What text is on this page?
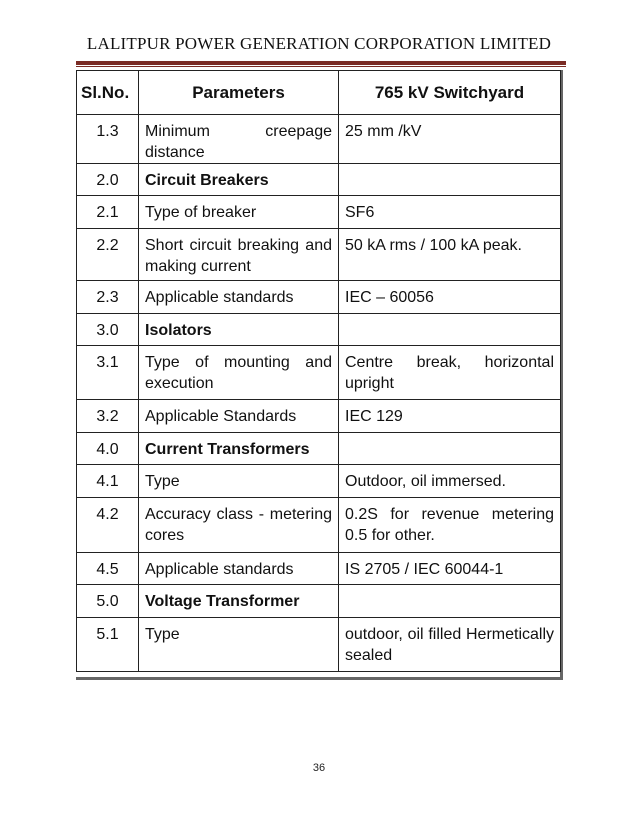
LALITPUR POWER GENERATION CORPORATION LIMITED
Sl.No.	Parameters	765 kV Switchyard
1.3	Minimum creepage distance	25 mm /kV
2.0	Circuit Breakers	
2.1	Type of breaker	SF6
2.2	Short circuit breaking and making current	50 kA rms / 100 kA peak.
2.3	Applicable standards	IEC – 60056
3.0	Isolators	
3.1	Type of mounting and execution	Centre break, horizontal upright
3.2	Applicable Standards	IEC 129
4.0	Current Transformers	
4.1	Type	Outdoor, oil immersed.
4.2	Accuracy class - metering cores	0.2S for revenue metering 0.5 for other.
4.5	Applicable standards	IS 2705 / IEC 60044-1
5.0	Voltage Transformer	
5.1	Type	outdoor, oil filled Hermetically sealed
36
